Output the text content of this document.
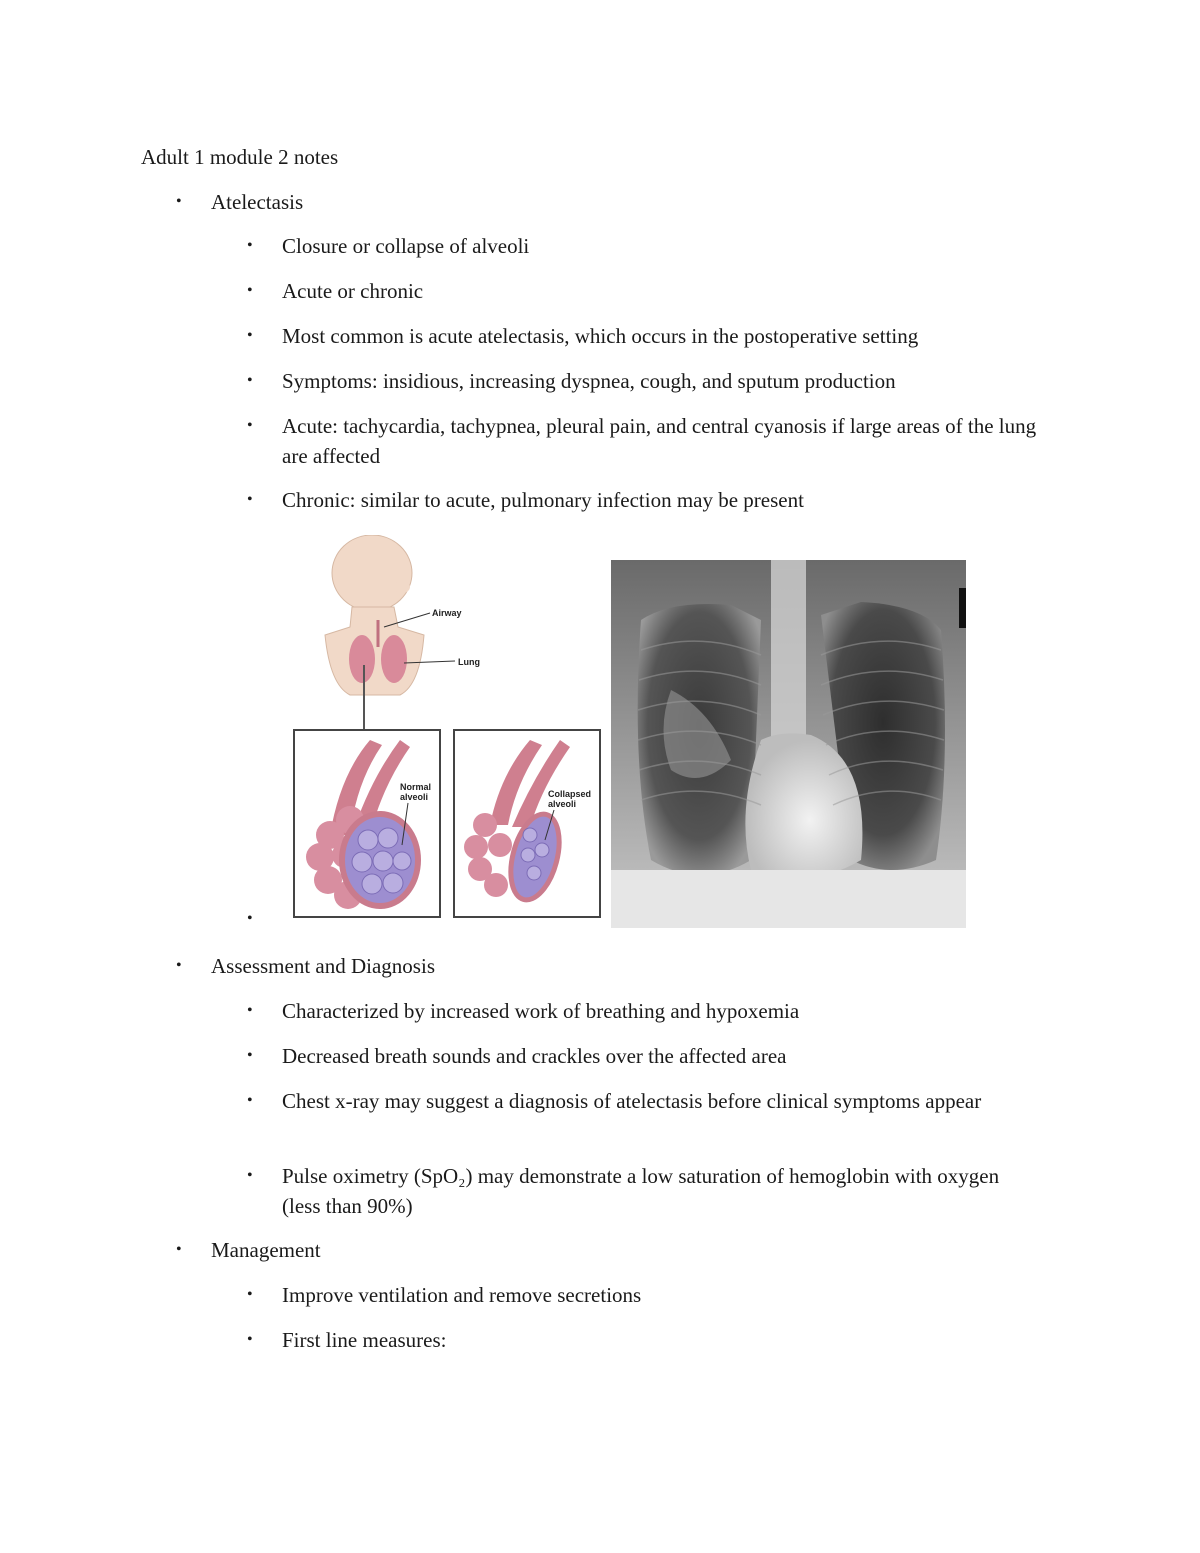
Adult 1 module 2 notes
• Atelectasis
• Closure or collapse of alveoli
• Acute or chronic
• Most common is acute atelectasis, which occurs in the postoperative setting
• Symptoms: insidious, increasing dyspnea, cough, and sputum production
• Acute: tachycardia, tachypnea, pleural pain, and central cyanosis if large areas of the lung are affected
• Chronic: similar to acute, pulmonary infection may be present
Airway
Lung
Normal
alveoli	Collapsed
alveoli
•
• Assessment and Diagnosis
• Characterized by increased work of breathing and hypoxemia
• Decreased breath sounds and crackles over the affected area
• Chest x-ray may suggest a diagnosis of atelectasis before clinical symptoms appear
• Pulse oximetry (SpO₂) may demonstrate a low saturation of hemoglobin with oxygen (less than 90%)
• Management
• Improve ventilation and remove secretions
• First line measures:
